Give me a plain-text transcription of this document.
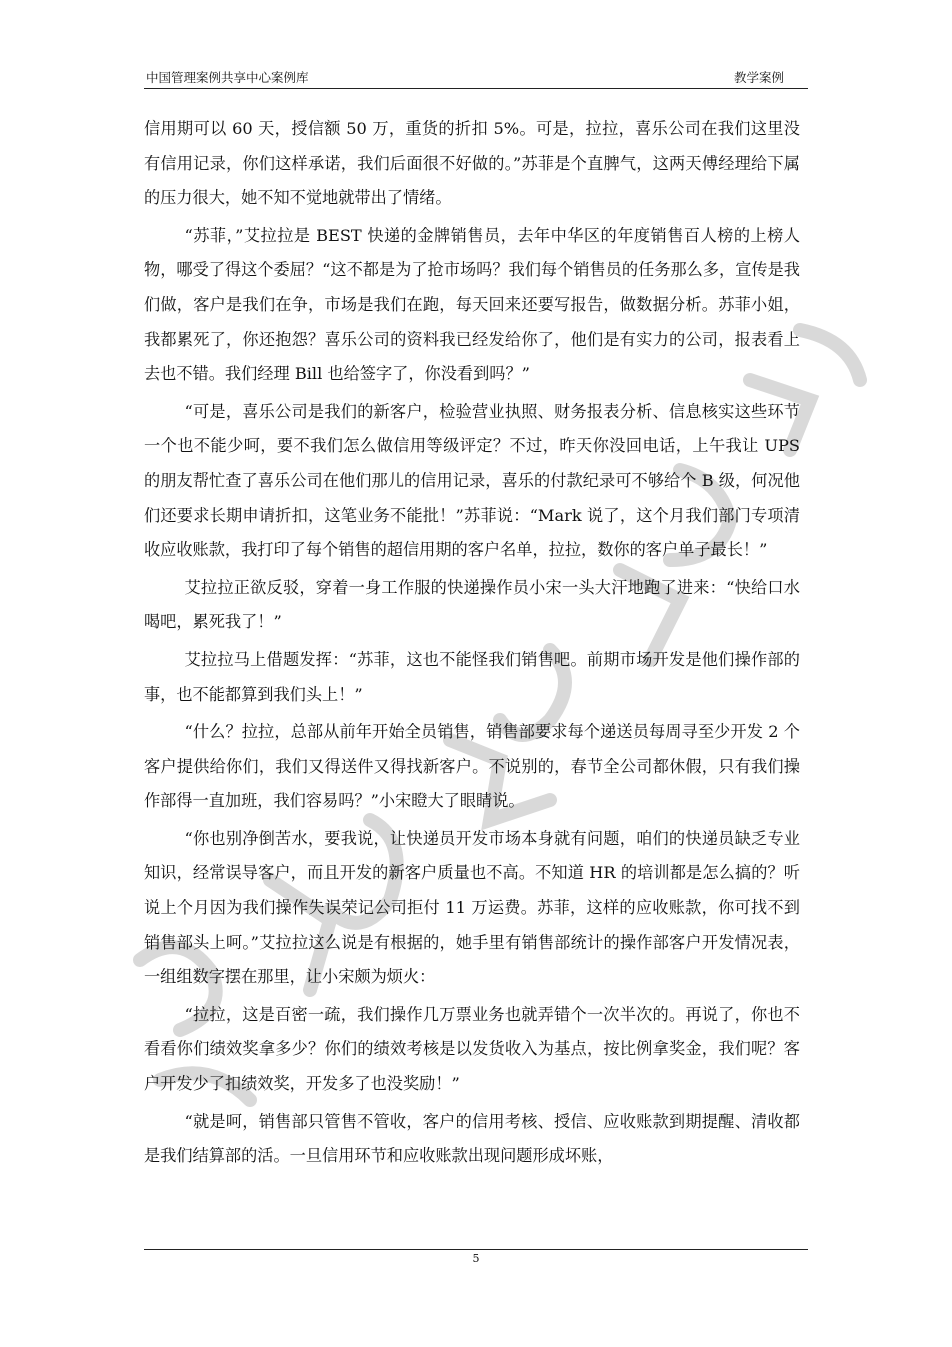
中国管理案例共享中心案例库	教学案例

信用期可以 60 天，授信额 50 万，重货的折扣 5%。可是，拉拉，喜乐公司在我们这里没有信用记录，你们这样承诺，我们后面很不好做的。”苏菲是个直脾气，这两天傅经理给下属的压力很大，她不知不觉地就带出了情绪。

“苏菲，”艾拉拉是 BEST 快递的金牌销售员，去年中华区的年度销售百人榜的上榜人物，哪受了得这个委屈？“这不都是为了抢市场吗？我们每个销售员的任务那么多，宣传是我们做，客户是我们在争，市场是我们在跑，每天回来还要写报告，做数据分析。苏菲小姐，我都累死了，你还抱怨？喜乐公司的资料我已经发给你了，他们是有实力的公司，报表看上去也不错。我们经理 Bill 也给签字了，你没看到吗？”

“可是，喜乐公司是我们的新客户，检验营业执照、财务报表分析、信息核实这些环节一个也不能少呵，要不我们怎么做信用等级评定？不过，昨天你没回电话，上午我让 UPS 的朋友帮忙查了喜乐公司在他们那儿的信用记录，喜乐的付款纪录可不够给个 B 级，何况他们还要求长期申请折扣，这笔业务不能批！”苏菲说：“Mark 说了，这个月我们部门专项清收应收账款，我打印了每个销售的超信用期的客户名单，拉拉，数你的客户单子最长！”

艾拉拉正欲反驳，穿着一身工作服的快递操作员小宋一头大汗地跑了进来：“快给口水喝吧，累死我了！”

艾拉拉马上借题发挥：“苏菲，这也不能怪我们销售吧。前期市场开发是他们操作部的事，也不能都算到我们头上！”

“什么？拉拉，总部从前年开始全员销售，销售部要求每个递送员每周寻至少开发 2 个客户提供给你们，我们又得送件又得找新客户。不说别的，春节全公司都休假，只有我们操作部得一直加班，我们容易吗？”小宋瞪大了眼睛说。

“你也别净倒苦水，要我说，让快递员开发市场本身就有问题，咱们的快递员缺乏专业知识，经常误导客户，而且开发的新客户质量也不高。不知道 HR 的培训都是怎么搞的？听说上个月因为我们操作失误荣记公司拒付 11 万运费。苏菲，这样的应收账款，你可找不到销售部头上呵。”艾拉拉这么说是有根据的，她手里有销售部统计的操作部客户开发情况表，一组组数字摆在那里，让小宋颇为烦火：

“拉拉，这是百密一疏，我们操作几万票业务也就弄错个一次半次的。再说了，你也不看看你们绩效奖拿多少？你们的绩效考核是以发货收入为基点，按比例拿奖金，我们呢？客户开发少了扣绩效奖，开发多了也没奖励！”

“就是呵，销售部只管售不管收，客户的信用考核、授信、应收账款到期提醒、清收都是我们结算部的活。一旦信用环节和应收账款出现问题形成坏账，

5
